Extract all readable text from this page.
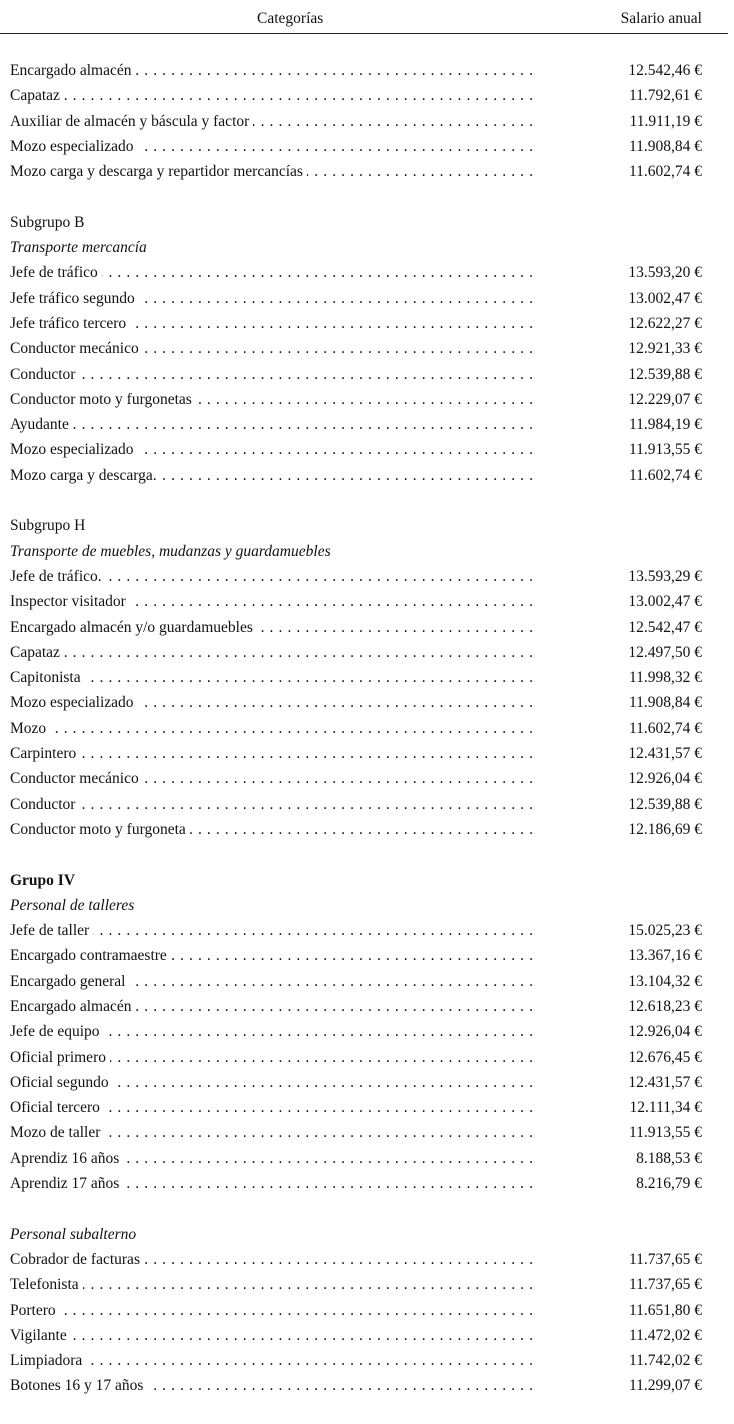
Categorías	Salario anual
Encargado almacén . . .	12.542,46 €
Capataz . . .	11.792,61 €
Auxiliar de almacén y báscula y factor . . .	11.911,19 €
Mozo especializado . . .	11.908,84 €
Mozo carga y descarga y repartidor mercancías . . .	11.602,74 €
Subgrupo B
Transporte mercancía
Jefe de tráfico . . .	13.593,20 €
Jefe tráfico segundo . . .	13.002,47 €
Jefe tráfico tercero . . .	12.622,27 €
Conductor mecánico . . .	12.921,33 €
Conductor . . .	12.539,88 €
Conductor moto y furgonetas . . .	12.229,07 €
Ayudante . . .	11.984,19 €
Mozo especializado . . .	11.913,55 €
Mozo carga y descarga. . . .	11.602,74 €
Subgrupo H
Transporte de muebles, mudanzas y guardamuebles
Jefe de tráfico. . . .	13.593,29 €
Inspector visitador . . .	13.002,47 €
Encargado almacén y/o guardamuebles . . .	12.542,47 €
Capataz . . .	12.497,50 €
Capitonista . . .	11.998,32 €
Mozo especializado . . .	11.908,84 €
Mozo . . .	11.602,74 €
Carpintero . . .	12.431,57 €
Conductor mecánico . . .	12.926,04 €
Conductor . . .	12.539,88 €
Conductor moto y furgoneta . . .	12.186,69 €
Grupo IV
Personal de talleres
Jefe de taller . . .	15.025,23 €
Encargado contramaestre . . .	13.367,16 €
Encargado general . . .	13.104,32 €
Encargado almacén . . .	12.618,23 €
Jefe de equipo . . .	12.926,04 €
Oficial primero . . .	12.676,45 €
Oficial segundo . . .	12.431,57 €
Oficial tercero . . .	12.111,34 €
Mozo de taller . . .	11.913,55 €
Aprendiz 16 años . . .	8.188,53 €
Aprendiz 17 años . . .	8.216,79 €
Personal subalterno
Cobrador de facturas . . .	11.737,65 €
Telefonista . . .	11.737,65 €
Portero . . .	11.651,80 €
Vigilante . . .	11.472,02 €
Limpiadora . . .	11.742,02 €
Botones 16 y 17 años . . .	11.299,07 €
